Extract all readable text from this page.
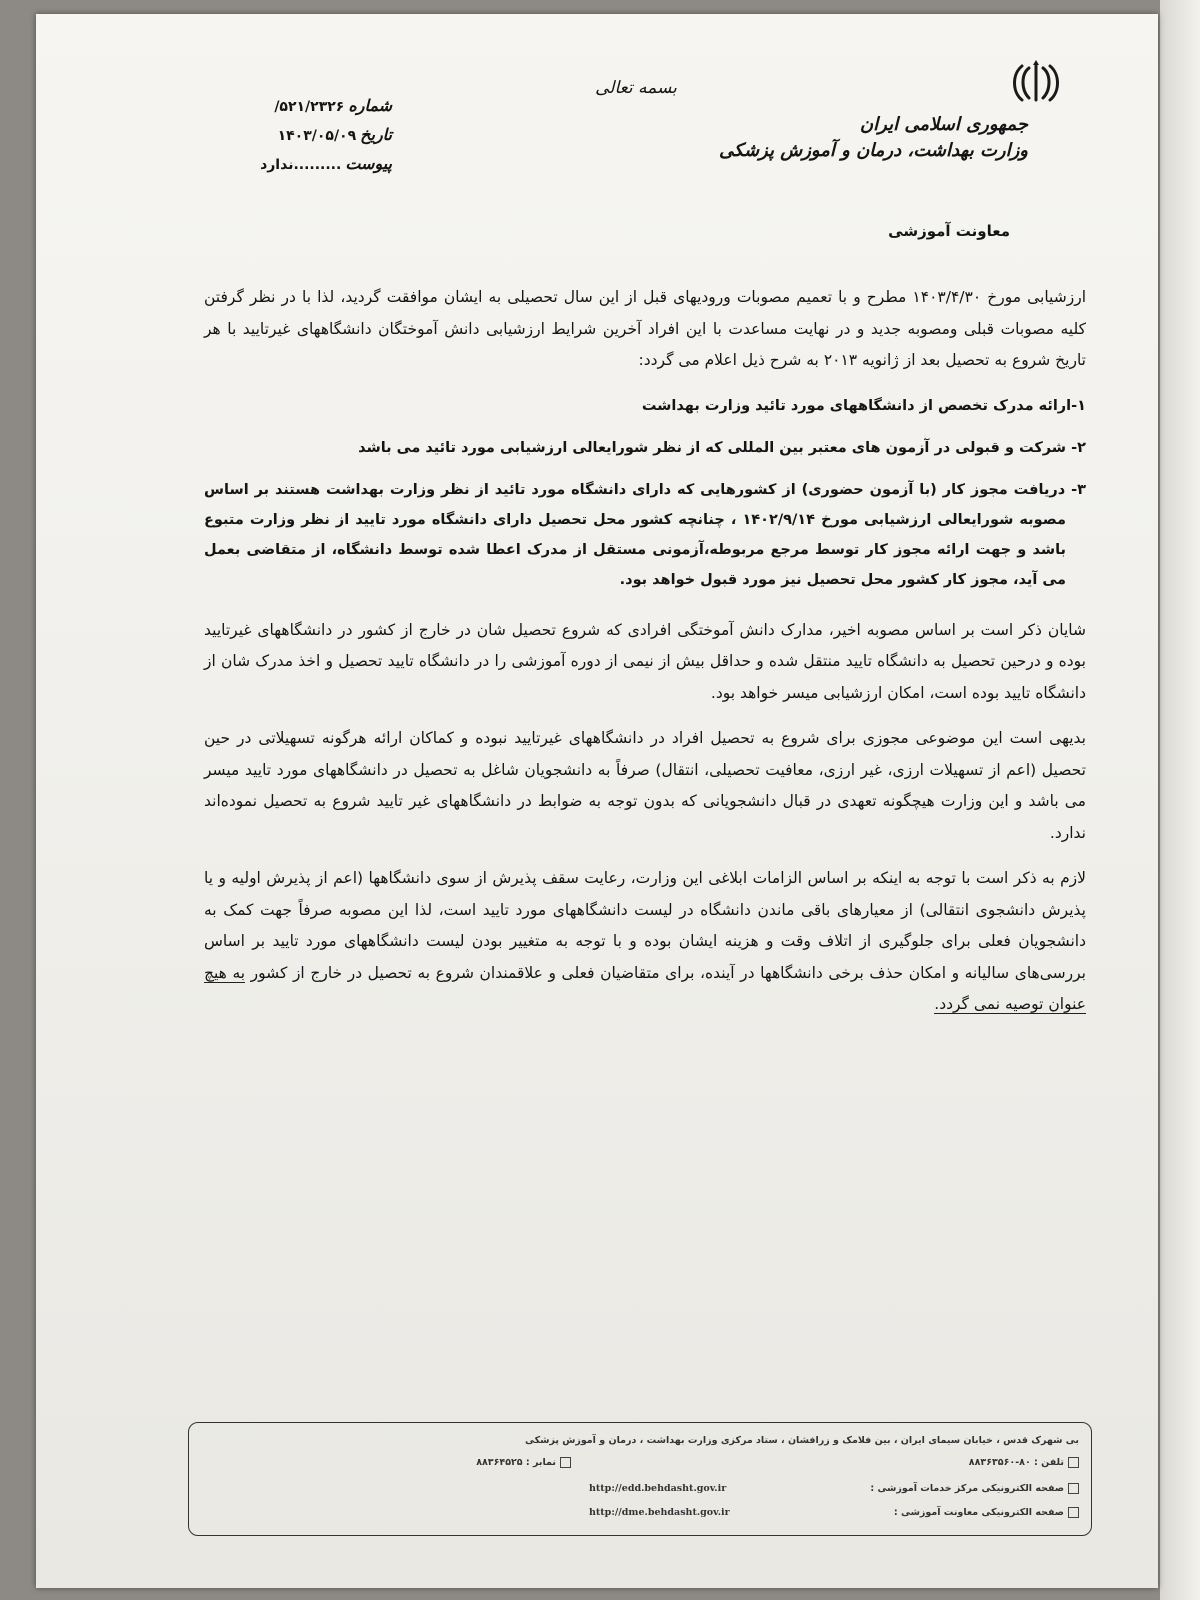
بسمه تعالی
جمهوری اسلامی ایران
وزارت بهداشت، درمان و آموزش پزشکی
معاونت آموزشی
شماره
/۵۲۱/۲۳۲۶
تاریخ
۱۴۰۳/۰۵/۰۹
پیوست
ندارد.........

ارزشیابی مورخ ۱۴۰۳/۴/۳۰ مطرح و با تعمیم مصوبات ورودیهای قبل از این سال تحصیلی به ایشان موافقت گردید، لذا با در نظر گرفتن کلیه مصوبات قبلی ومصوبه جدید و در نهایت مساعدت با این افراد آخرین شرایط ارزشیابی دانش آموختگان دانشگاههای غیرتایید با هر تاریخ شروع به تحصیل بعد از ژانویه ۲۰۱۳ به شرح ذیل اعلام می گردد:

۱-ارائه مدرک تخصص از دانشگاههای مورد تائید وزارت بهداشت
۲- شرکت و قبولی در آزمون های معتبر بین المللی که از نظر شورایعالی ارزشیابی مورد تائید می باشد
۳- دریافت مجوز کار (با آزمون حضوری) از کشورهایی که دارای دانشگاه مورد تائید از نظر وزارت بهداشت هستند بر اساس مصوبه شورایعالی ارزشیابی مورخ ۱۴۰۲/۹/۱۴ ، چنانچه کشور محل تحصیل دارای دانشگاه مورد تایید از نظر وزارت متبوع باشد و جهت ارائه مجوز کار توسط مرجع مربوطه،آزمونی مستقل از مدرک اعطا شده توسط دانشگاه، از متقاضی بعمل می آید، مجوز کار کشور محل تحصیل نیز مورد قبول خواهد بود.

شایان ذکر است بر اساس مصوبه اخیر، مدارک دانش آموختگی افرادی که شروع تحصیل شان در خارج از کشور در دانشگاههای غیرتایید بوده و درحین تحصیل به دانشگاه تایید منتقل شده و حداقل بیش از نیمی از دوره آموزشی را در دانشگاه تایید تحصیل و اخذ مدرک شان از دانشگاه تایید بوده است، امکان ارزشیابی میسر خواهد بود.

بدیهی است این موضوعی مجوزی برای شروع به تحصیل افراد در دانشگاههای غیرتایید نبوده و کماکان ارائه هرگونه تسهیلاتی در حین تحصیل (اعم از تسهیلات ارزی، غیر ارزی، معافیت تحصیلی، انتقال) صرفاً به دانشجویان شاغل به تحصیل در دانشگاههای مورد تایید میسر می باشد و این وزارت هیچگونه تعهدی در قبال دانشجویانی که بدون توجه به ضوابط در دانشگاههای غیر تایید شروع به تحصیل نموده‌اند ندارد.

لازم به ذکر است با توجه به اینکه بر اساس الزامات ابلاغی این وزارت، رعایت سقف پذیرش از سوی دانشگاهها (اعم از پذیرش اولیه و یا پذیرش دانشجوی انتقالی) از معیارهای باقی ماندن دانشگاه در لیست دانشگاههای مورد تایید است، لذا این مصوبه صرفاً جهت کمک به دانشجویان فعلی برای جلوگیری از اتلاف وقت و هزینه ایشان بوده و با توجه به متغییر بودن لیست دانشگاههای مورد تایید بر اساس بررسی‌های سالیانه و امکان حذف برخی دانشگاهها در آینده، برای متقاضیان فعلی و علاقمندان شروع به تحصیل در خارج از کشور به هیچ عنوان توصیه نمی گردد.

بی شهرک قدس ، خیابان سیمای ایران ، بین فلامک و زرافشان ، ستاد مرکزی وزارت بهداشت ، درمان و آموزش پزشکی
تلفن : ۸۰-۸۸۳۶۳۵۶۰
نمابر : ۸۸۳۶۴۵۲۵
صفحه الکترونیکی مرکز خدمات آموزشی :
http://edd.behdasht.gov.ir
صفحه الکترونیکی معاونت آموزشی :
http://dme.behdasht.gov.ir
